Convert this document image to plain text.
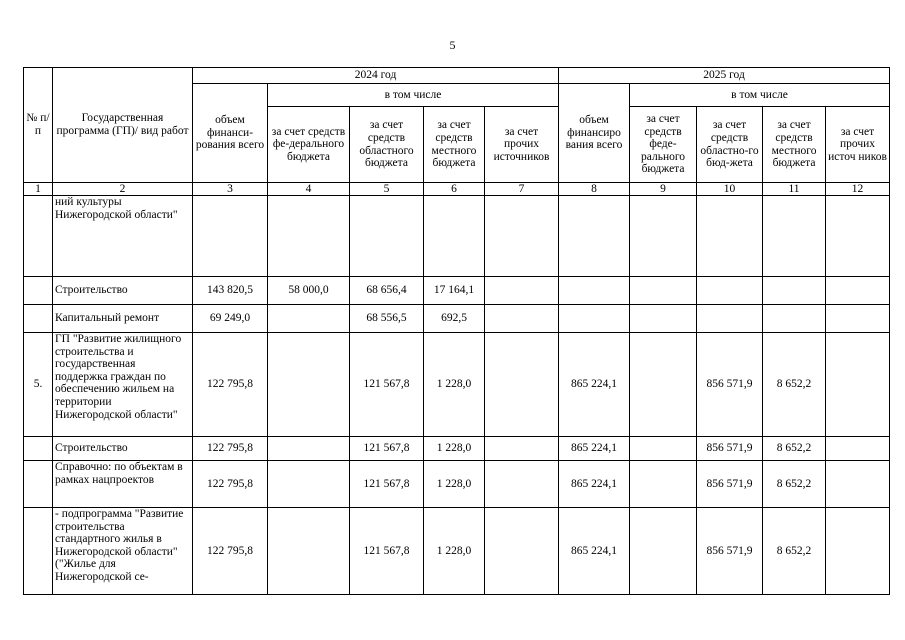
5
№ п/п	Государственная программа (ГП)/ вид работ	2024 год					2025 год				
		объем финанси-рования всего	в том числе				объем финансиро вания всего	в том числе			
			за счет средств фе-дерального бюджета	за счет средств областного бюджета	за счет средств местного бюджета	за счет прочих источников		за счет средств феде-рального бюджета	за счет средств областно-го бюд-жета	за счет средств местного бюджета	за счет прочих источ ников
1	2	3	4	5	6	7	8	9	10	11	12
	ний культуры Нижегородской области"										
	Строительство	143 820,5	58 000,0	68 656,4	17 164,1						
	Капитальный ремонт	69 249,0		68 556,5	692,5						
5.	ГП "Развитие жилищного строительства и государственная поддержка граждан по обеспечению жильем на территории Нижегородской области"	122 795,8		121 567,8	1 228,0		865 224,1		856 571,9	8 652,2	
	Строительство	122 795,8		121 567,8	1 228,0		865 224,1		856 571,9	8 652,2	
	Справочно: по объектам в рамках нацпроектов	122 795,8		121 567,8	1 228,0		865 224,1		856 571,9	8 652,2	
	- подпрограмма "Развитие строительства стандартного жилья в Нижегородской области" ("Жилье для Нижегородской се-	122 795,8		121 567,8	1 228,0		865 224,1		856 571,9	8 652,2	
